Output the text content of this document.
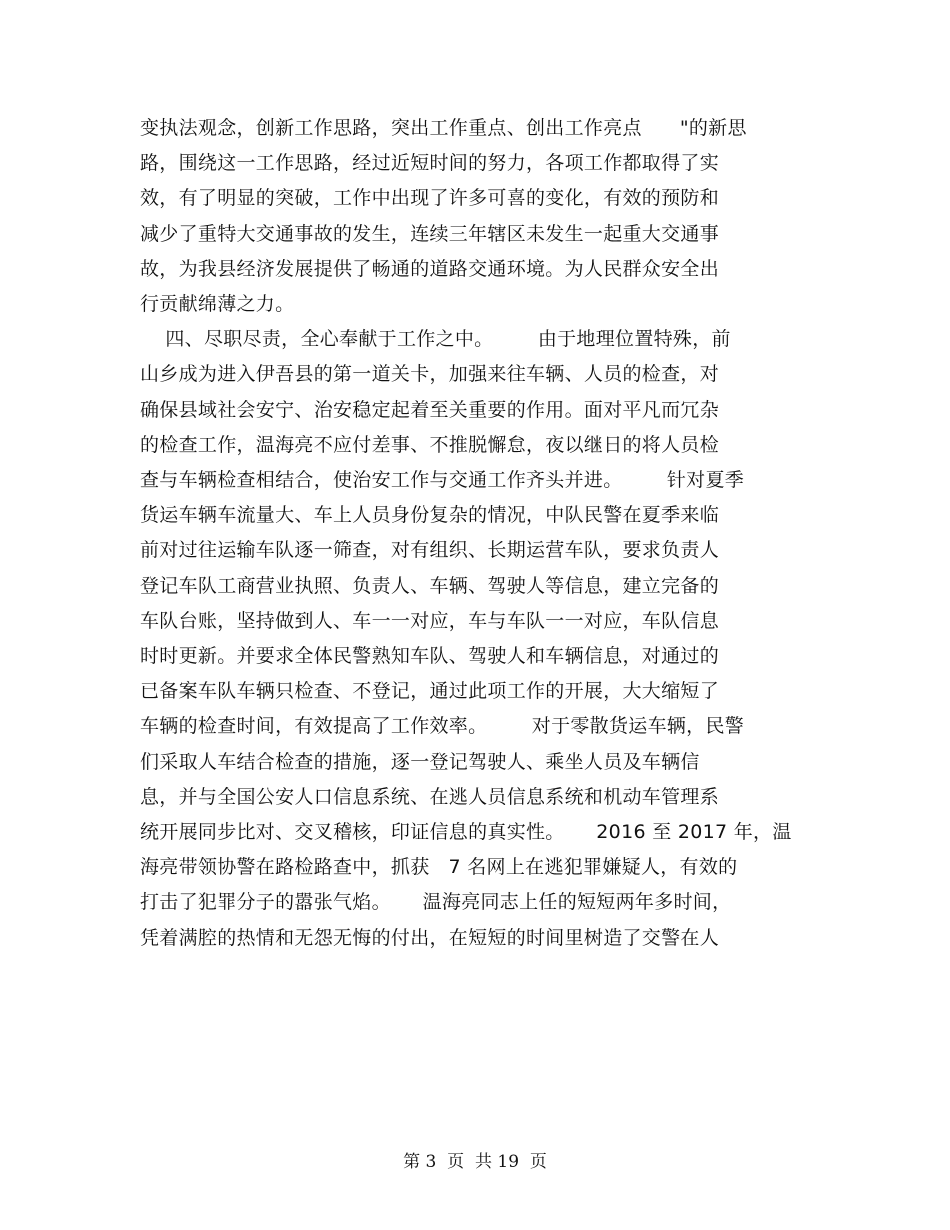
变执法观念，创新工作思路，突出工作重点、创出工作亮点      "的新思
路，围绕这一工作思路，经过近短时间的努力，各项工作都取得了实
效，有了明显的突破，工作中出现了许多可喜的变化，有效的预防和
减少了重特大交通事故的发生，连续三年辖区未发生一起重大交通事
故，为我县经济发展提供了畅通的道路交通环境。为人民群众安全出
行贡献绵薄之力。
四、尽职尽责，全心奉献于工作之中。       由于地理位置特殊，前
山乡成为进入伊吾县的第一道关卡，加强来往车辆、人员的检查，对
确保县域社会安宁、治安稳定起着至关重要的作用。面对平凡而冗杂
的检查工作，温海亮不应付差事、不推脱懈怠，夜以继日的将人员检
查与车辆检查相结合，使治安工作与交通工作齐头并进。       针对夏季
货运车辆车流量大、车上人员身份复杂的情况，中队民警在夏季来临
前对过往运输车队逐一筛查，对有组织、长期运营车队，要求负责人
登记车队工商营业执照、负责人、车辆、驾驶人等信息，建立完备的
车队台账，坚持做到人、车一一对应，车与车队一一对应，车队信息
时时更新。并要求全体民警熟知车队、驾驶人和车辆信息，对通过的
已备案车队车辆只检查、不登记，通过此项工作的开展，大大缩短了
车辆的检查时间，有效提高了工作效率。       对于零散货运车辆，民警
们采取人车结合检查的措施，逐一登记驾驶人、乘坐人员及车辆信
息，并与全国公安人口信息系统、在逃人员信息系统和机动车管理系
统开展同步比对、交叉稽核，印证信息的真实性。     2016 至 2017 年，温
海亮带领协警在路检路查中，抓获   7 名网上在逃犯罪嫌疑人，有效的
打击了犯罪分子的嚣张气焰。     温海亮同志上任的短短两年多时间，
凭着满腔的热情和无怨无悔的付出，在短短的时间里树造了交警在人
第 3  页  共 19  页
